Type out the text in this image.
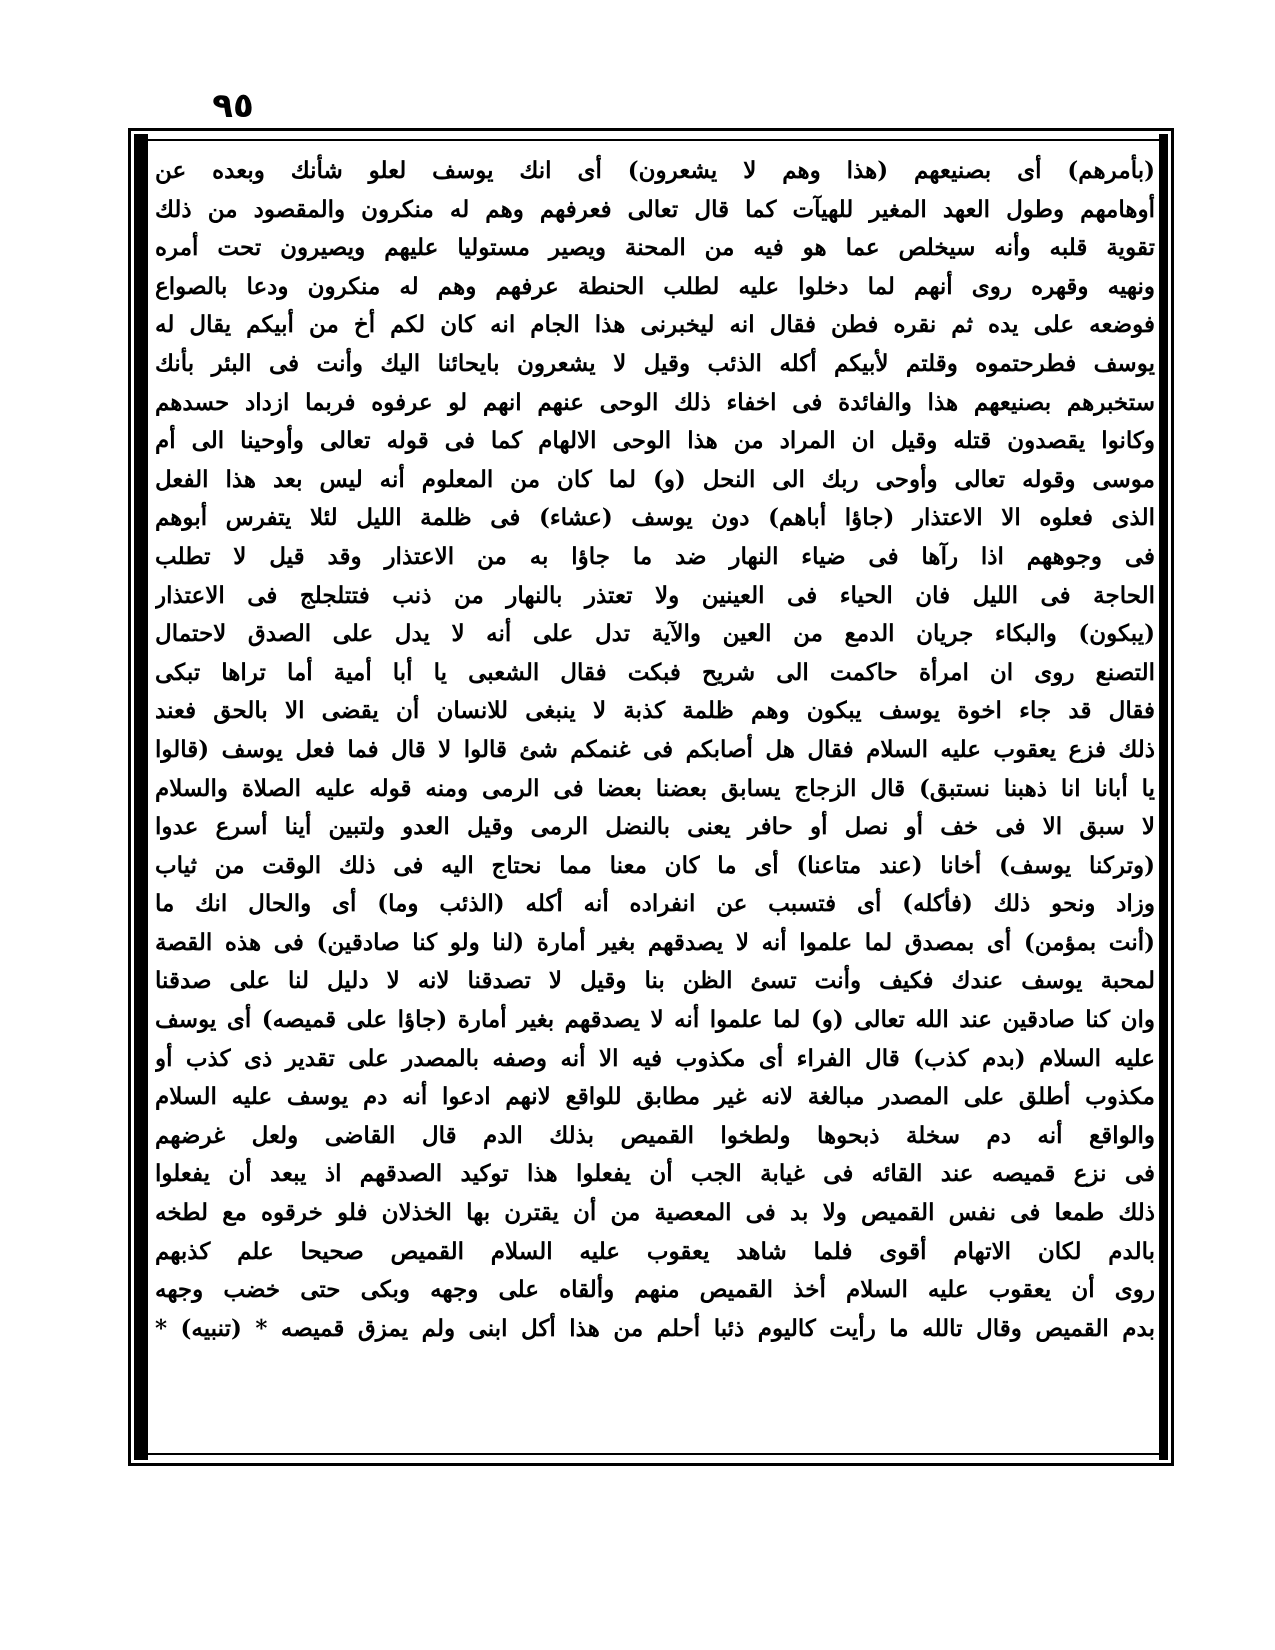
٩٥
(بأمرهم) أى بصنيعهم (هذا وهم لا يشعرون) أى انك يوسف لعلو شأنك وبعده عن
أوهامهم وطول العهد المغير للهيآت كما قال تعالى فعرفهم وهم له منكرون والمقصود من ذلك
تقوية قلبه وأنه سيخلص عما هو فيه من المحنة ويصير مستوليا عليهم ويصيرون تحت أمره
ونهيه وقهره روى أنهم لما دخلوا عليه لطلب الحنطة عرفهم وهم له منكرون ودعا بالصواع
فوضعه على يده ثم نقره فطن فقال انه ليخبرنى هذا الجام انه كان لكم أخ من أبيكم يقال له
يوسف فطرحتموه وقلتم لأبيكم أكله الذئب وقيل لا يشعرون بايحائنا اليك وأنت فى البئر بأنك
ستخبرهم بصنيعهم هذا والفائدة فى اخفاء ذلك الوحى عنهم انهم لو عرفوه فربما ازداد حسدهم
وكانوا يقصدون قتله وقيل ان المراد من هذا الوحى الالهام كما فى قوله تعالى وأوحينا الى أم
موسى وقوله تعالى وأوحى ربك الى النحل (و) لما كان من المعلوم أنه ليس بعد هذا الفعل
الذى فعلوه الا الاعتذار (جاؤا أباهم) دون يوسف (عشاء) فى ظلمة الليل لئلا يتفرس أبوهم
فى وجوههم اذا رآها فى ضياء النهار ضد ما جاؤا به من الاعتذار وقد قيل لا تطلب
الحاجة فى الليل فان الحياء فى العينين ولا تعتذر بالنهار من ذنب فتتلجلج فى الاعتذار
(يبكون) والبكاء جريان الدمع من العين والآية تدل على أنه لا يدل على الصدق لاحتمال
التصنع روى ان امرأة حاكمت الى شريح فبكت فقال الشعبى يا أبا أمية أما تراها تبكى
فقال قد جاء اخوة يوسف يبكون وهم ظلمة كذبة لا ينبغى للانسان أن يقضى الا بالحق فعند
ذلك فزع يعقوب عليه السلام فقال هل أصابكم فى غنمكم شئ قالوا لا قال فما فعل يوسف (قالوا
يا أبانا انا ذهبنا نستبق) قال الزجاج يسابق بعضنا بعضا فى الرمى ومنه قوله عليه الصلاة والسلام
لا سبق الا فى خف أو نصل أو حافر يعنى بالنضل الرمى وقيل العدو ولتبين أينا أسرع عدوا
(وتركنا يوسف) أخانا (عند متاعنا) أى ما كان معنا مما نحتاج اليه فى ذلك الوقت من ثياب
وزاد ونحو ذلك (فأكله) أى فتسبب عن انفراده أنه أكله (الذئب وما) أى والحال انك ما
(أنت بمؤمن) أى بمصدق لما علموا أنه لا يصدقهم بغير أمارة (لنا ولو كنا صادقين) فى هذه القصة
لمحبة يوسف عندك فكيف وأنت تسئ الظن بنا وقيل لا تصدقنا لانه لا دليل لنا على صدقنا
وان كنا صادقين عند الله تعالى (و) لما علموا أنه لا يصدقهم بغير أمارة (جاؤا على قميصه) أى يوسف
عليه السلام (بدم كذب) قال الفراء أى مكذوب فيه الا أنه وصفه بالمصدر على تقدير ذى كذب أو
مكذوب أطلق على المصدر مبالغة لانه غير مطابق للواقع لانهم ادعوا أنه دم يوسف عليه السلام
والواقع أنه دم سخلة ذبحوها ولطخوا القميص بذلك الدم قال القاضى ولعل غرضهم
فى نزع قميصه عند القائه فى غيابة الجب أن يفعلوا هذا توكيد الصدقهم اذ يبعد أن يفعلوا
ذلك طمعا فى نفس القميص ولا بد فى المعصية من أن يقترن بها الخذلان فلو خرقوه مع لطخه
بالدم لكان الاتهام أقوى فلما شاهد يعقوب عليه السلام القميص صحيحا علم كذبهم
روى أن يعقوب عليه السلام أخذ القميص منهم وألقاه على وجهه وبكى حتى خضب وجهه
بدم القميص وقال تالله ما رأيت كاليوم ذئبا أحلم من هذا أكل ابنى ولم يمزق قميصه * (تنبيه) *
